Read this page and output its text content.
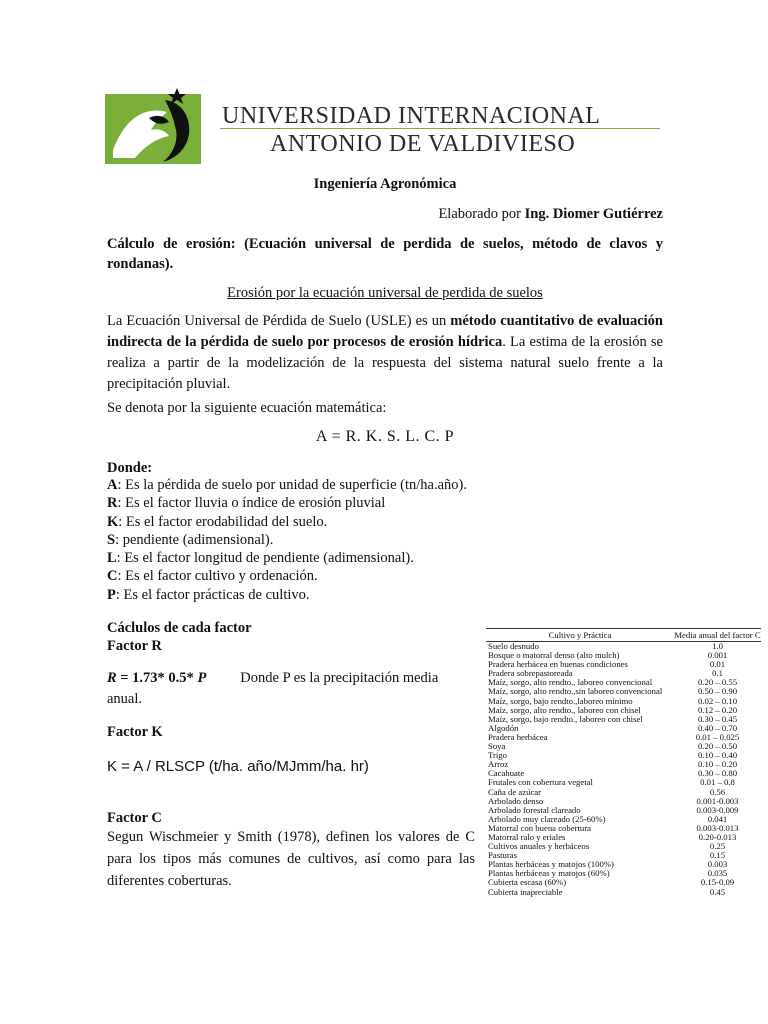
UNIVERSIDAD INTERNACIONAL
ANTONIO DE VALDIVIESO
Ingeniería Agronómica
Elaborado por Ing. Diomer Gutiérrez
Cálculo de erosión: (Ecuación universal de perdida de suelos, método de clavos y rondanas).
Erosión por la ecuación universal de perdida de suelos
La Ecuación Universal de Pérdida de Suelo (USLE) es un método cuantitativo de evaluación indirecta de la pérdida de suelo por procesos de erosión hídrica. La estima de la erosión se realiza a partir de la modelización de la respuesta del sistema natural suelo frente a la precipitación pluvial.
Se denota por la siguiente ecuación matemática:
A = R. K. S. L. C. P
Donde:
A: Es la pérdida de suelo por unidad de superficie (tn/ha.año).
R: Es el factor lluvia o índice de erosión pluvial
K: Es el factor erodabilidad del suelo.
S: pendiente (adimensional).
L: Es el factor longitud de pendiente (adimensional).
C: Es el factor cultivo y ordenación.
P: Es el factor prácticas de cultivo.
Cáclulos de cada factor
Factor R
R = 1.73* 0.5* P Donde P es la precipitación media anual.
Factor K
K = A / RLSCP (t/ha. año/MJmm/ha. hr)
Factor C
Segun Wischmeier y Smith (1978), definen los valores de C para los tipos más comunes de cultivos, así como para las diferentes coberturas.
Cultivo y Práctica	Media anual del factor C
Suelo desnudo	1.0
Bosque o matorral denso (alto mulch)	0.001
Pradera herbácea en buenas condiciones	0.01
Pradera sobrepastoreada	0.1
Maíz, sorgo, alto rendto., laboreo convencional	0.20 – 0.55
Maíz, sorgo, alto rendto.,sin laboreo convencional	0.50 – 0.90
Maíz, sorgo, bajo rendto.,laboreo mínimo	0.02 – 0.10
Maíz, sorgo, alto rendto., laboreo con chisel	0.12 – 0.20
Maíz, sorgo, bajo rendto., laboreo con chisel	0.30 – 0.45
Algodón	0.40 – 0.70
Pradera herbácea	0.01 – 0.025
Soya	0.20 – 0.50
Trigo	0.10 – 0.40
Arroz	0.10 – 0.20
Cacahuate	0.30 – 0.80
Frutales con cobertura vegetal	0.01 – 0.8
Caña de azúcar	0.56
Arbolado denso	0.001-0.003
Arbolado forestal clareado	0.003-0.009
Arbolado muy clareado (25-60%)	0.041
Matorral con buena cobertura	0.003-0.013
Matorral ralo y eriales	0.20-0.013
Cultivos anuales y herbáceos	0.25
Pasturas	0.15
Plantas herbáceas y matojos (100%)	0.003
Plantas herbáceas y matojos (60%)	0.035
Cubierta escasa (60%)	0.15-0.09
Cubierta inapreciable	0.45
